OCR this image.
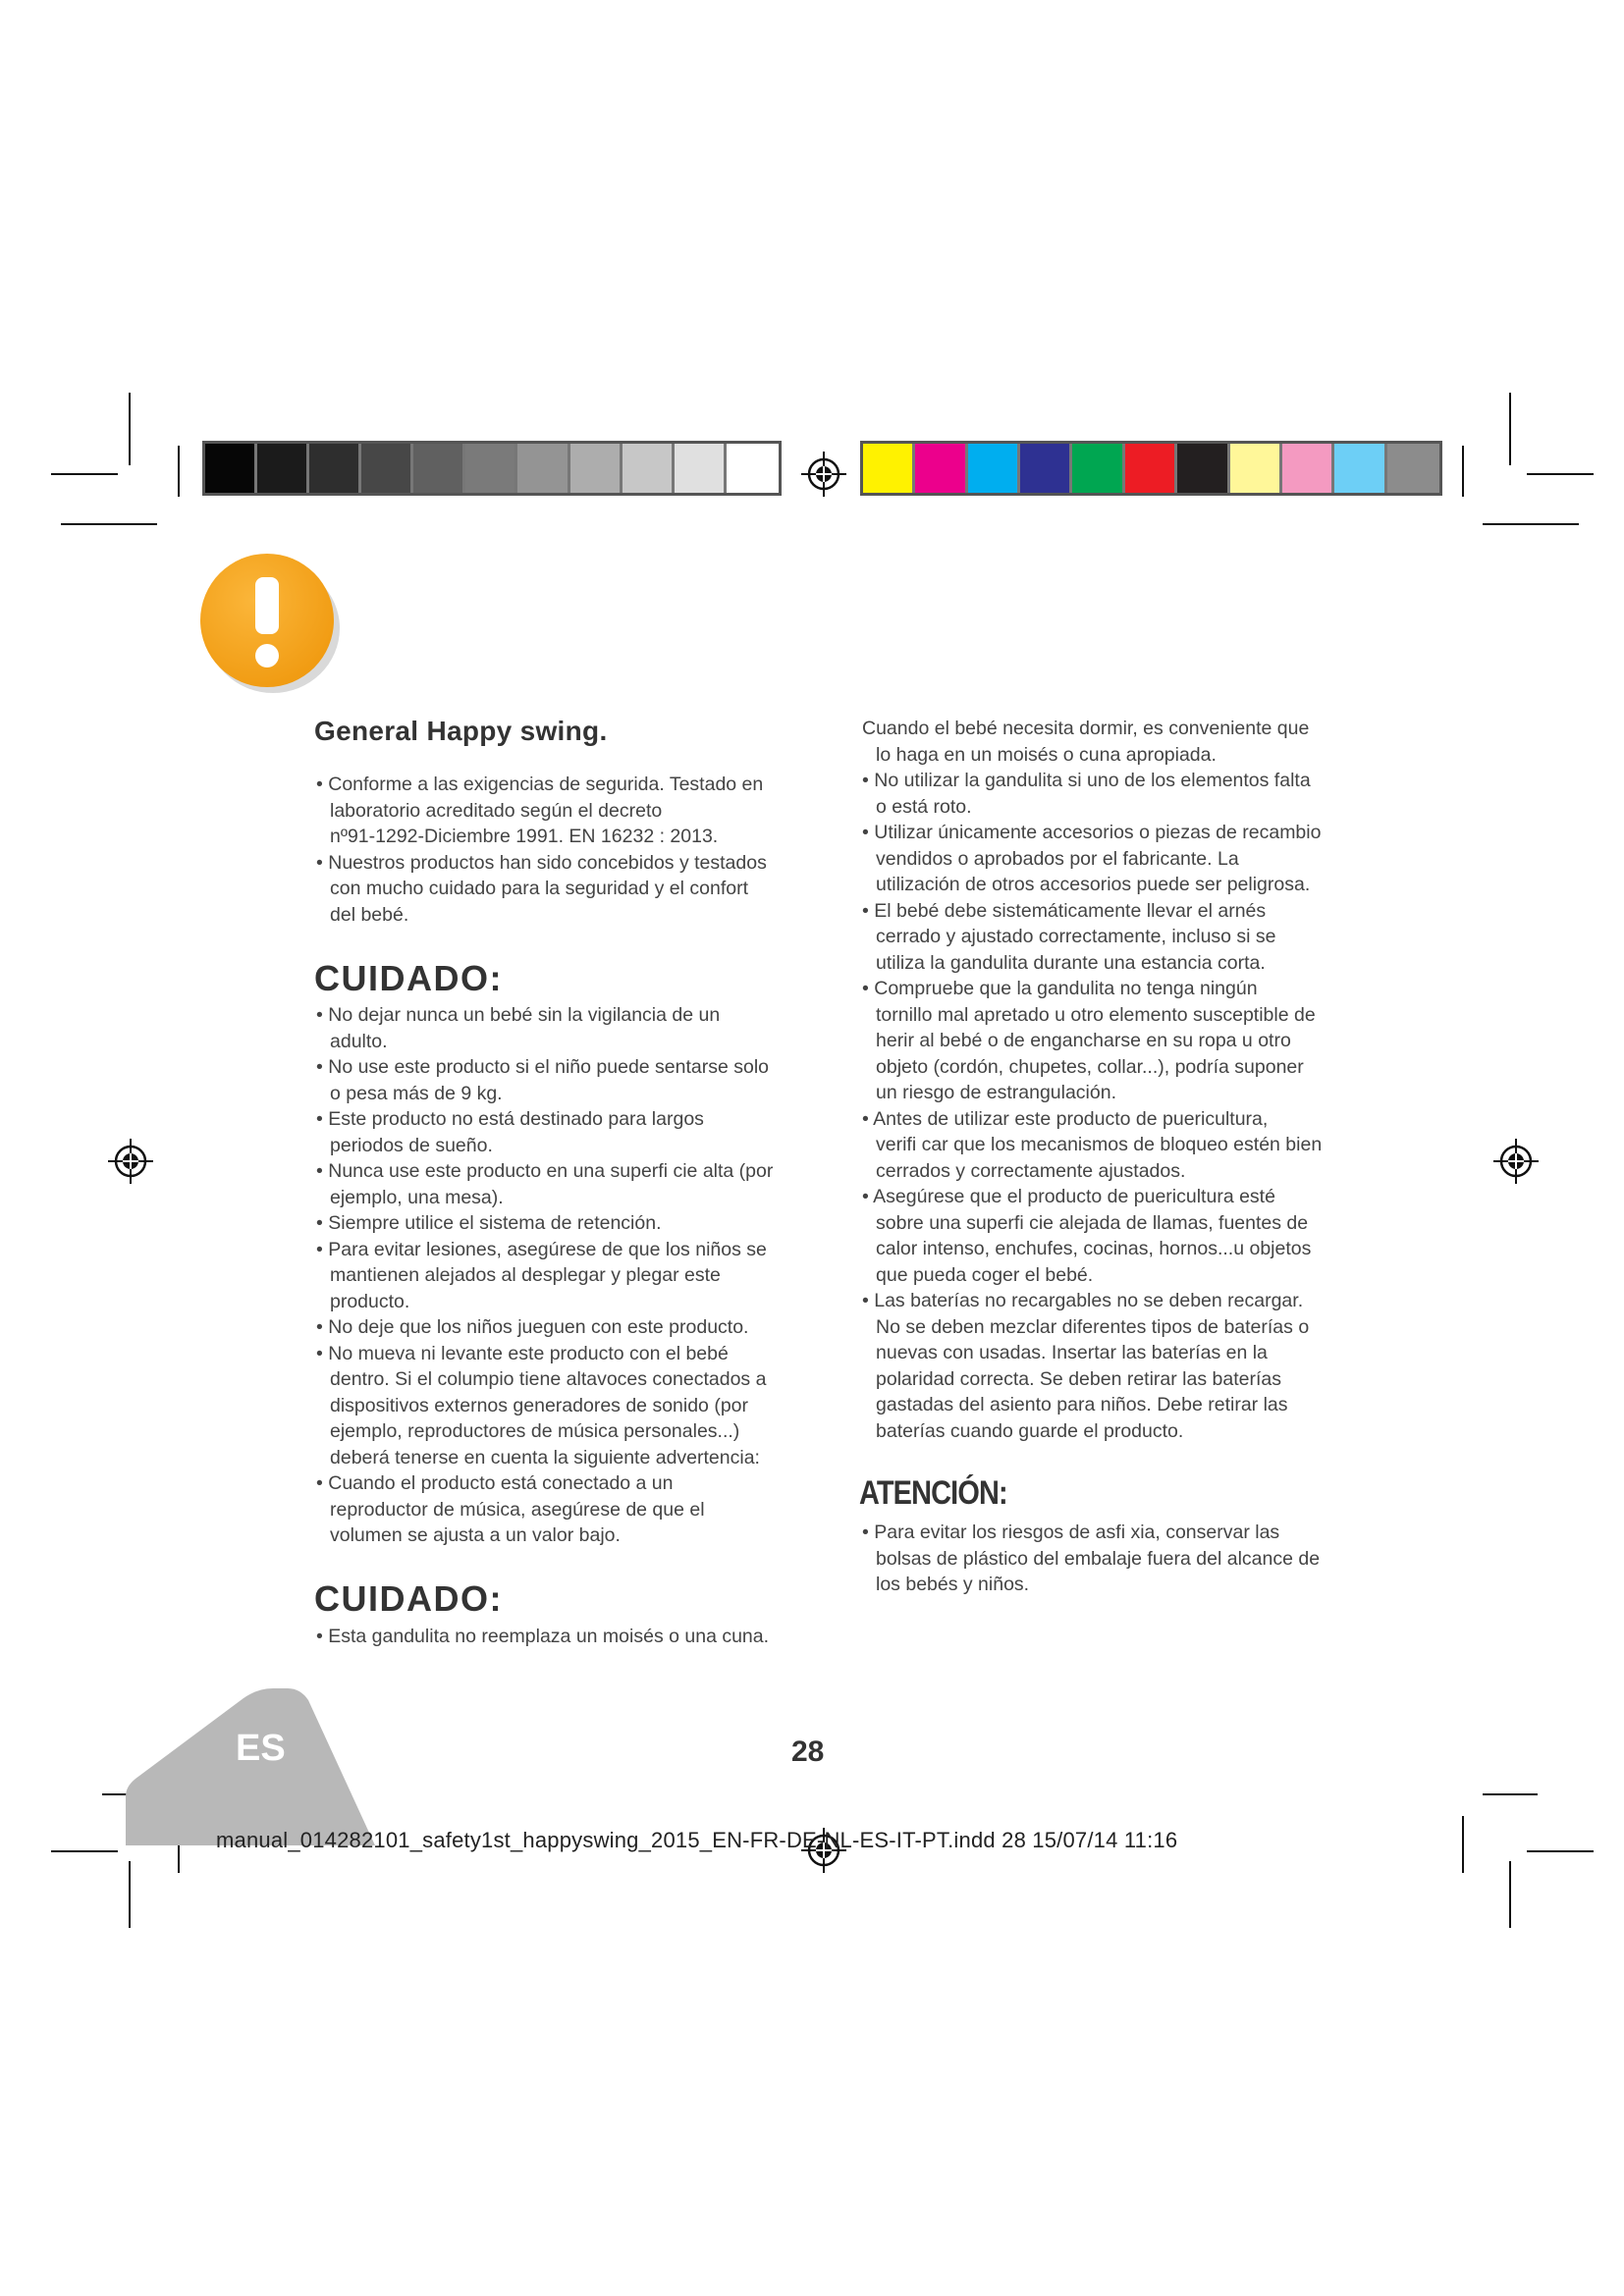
General Happy swing.

• Conforme a las exigencias de segurida. Testado en
laboratorio acreditado según el decreto
nº91-1292-Diciembre 1991. EN 16232 : 2013.

• Nuestros productos han sido concebidos y testados
con mucho cuidado para la seguridad y el confort
del bebé.

CUIDADO:

• No dejar nunca un bebé sin la vigilancia de un
adulto.

• No use este producto si el niño puede sentarse solo
o pesa más de 9 kg.

• Este producto no está destinado para largos
periodos de sueño.

• Nunca use este producto en una superfi cie alta (por
ejemplo, una mesa).

• Siempre utilice el sistema de retención.

• Para evitar lesiones, asegúrese de que los niños se
mantienen alejados al desplegar y plegar este
producto.

• No deje que los niños jueguen con este producto.

• No mueva ni levante este producto con el bebé
dentro. Si el columpio tiene altavoces conectados a
dispositivos externos generadores de sonido (por
ejemplo, reproductores de música personales...)
deberá tenerse en cuenta la siguiente advertencia:

• Cuando el producto está conectado a un
reproductor de música, asegúrese de que el
volumen se ajusta a un valor bajo.

CUIDADO:

• Esta gandulita no reemplaza un moisés o una cuna.

Cuando el bebé necesita dormir, es conveniente que
lo haga en un moisés o cuna apropiada.

• No utilizar la gandulita si uno de los elementos falta
o está roto.

• Utilizar únicamente accesorios o piezas de recambio
vendidos o aprobados por el fabricante. La
utilización de otros accesorios puede ser peligrosa.

• El bebé debe sistemáticamente llevar el arnés
cerrado y ajustado correctamente, incluso si se
utiliza la gandulita durante una estancia corta.

• Compruebe que la gandulita no tenga ningún
tornillo mal apretado u otro elemento susceptible de
herir al bebé o de engancharse en su ropa u otro
objeto (cordón, chupetes, collar...), podría suponer
un riesgo de estrangulación.

• Antes de utilizar este producto de puericultura,
verifi car que los mecanismos de bloqueo estén bien
cerrados y correctamente ajustados.

• Asegúrese que el producto de puericultura esté
sobre una superfi cie alejada de llamas, fuentes de
calor intenso, enchufes, cocinas, hornos...u objetos
que pueda coger el bebé.

• Las baterías no recargables no se deben recargar.
No se deben mezclar diferentes tipos de baterías o
nuevas con usadas. Insertar las baterías en la
polaridad correcta. Se deben retirar las baterías
gastadas del asiento para niños. Debe retirar las
baterías cuando guarde el producto.

ATENCIÓN:

• Para evitar los riesgos de asfi xia, conservar las
bolsas de plástico del embalaje fuera del alcance de
los bebés y niños.

ES	28
manual_014282101_safety1st_happyswing_2015_EN-FR-DE-NL-ES-IT-PT.indd 28 15/07/14 11:16
